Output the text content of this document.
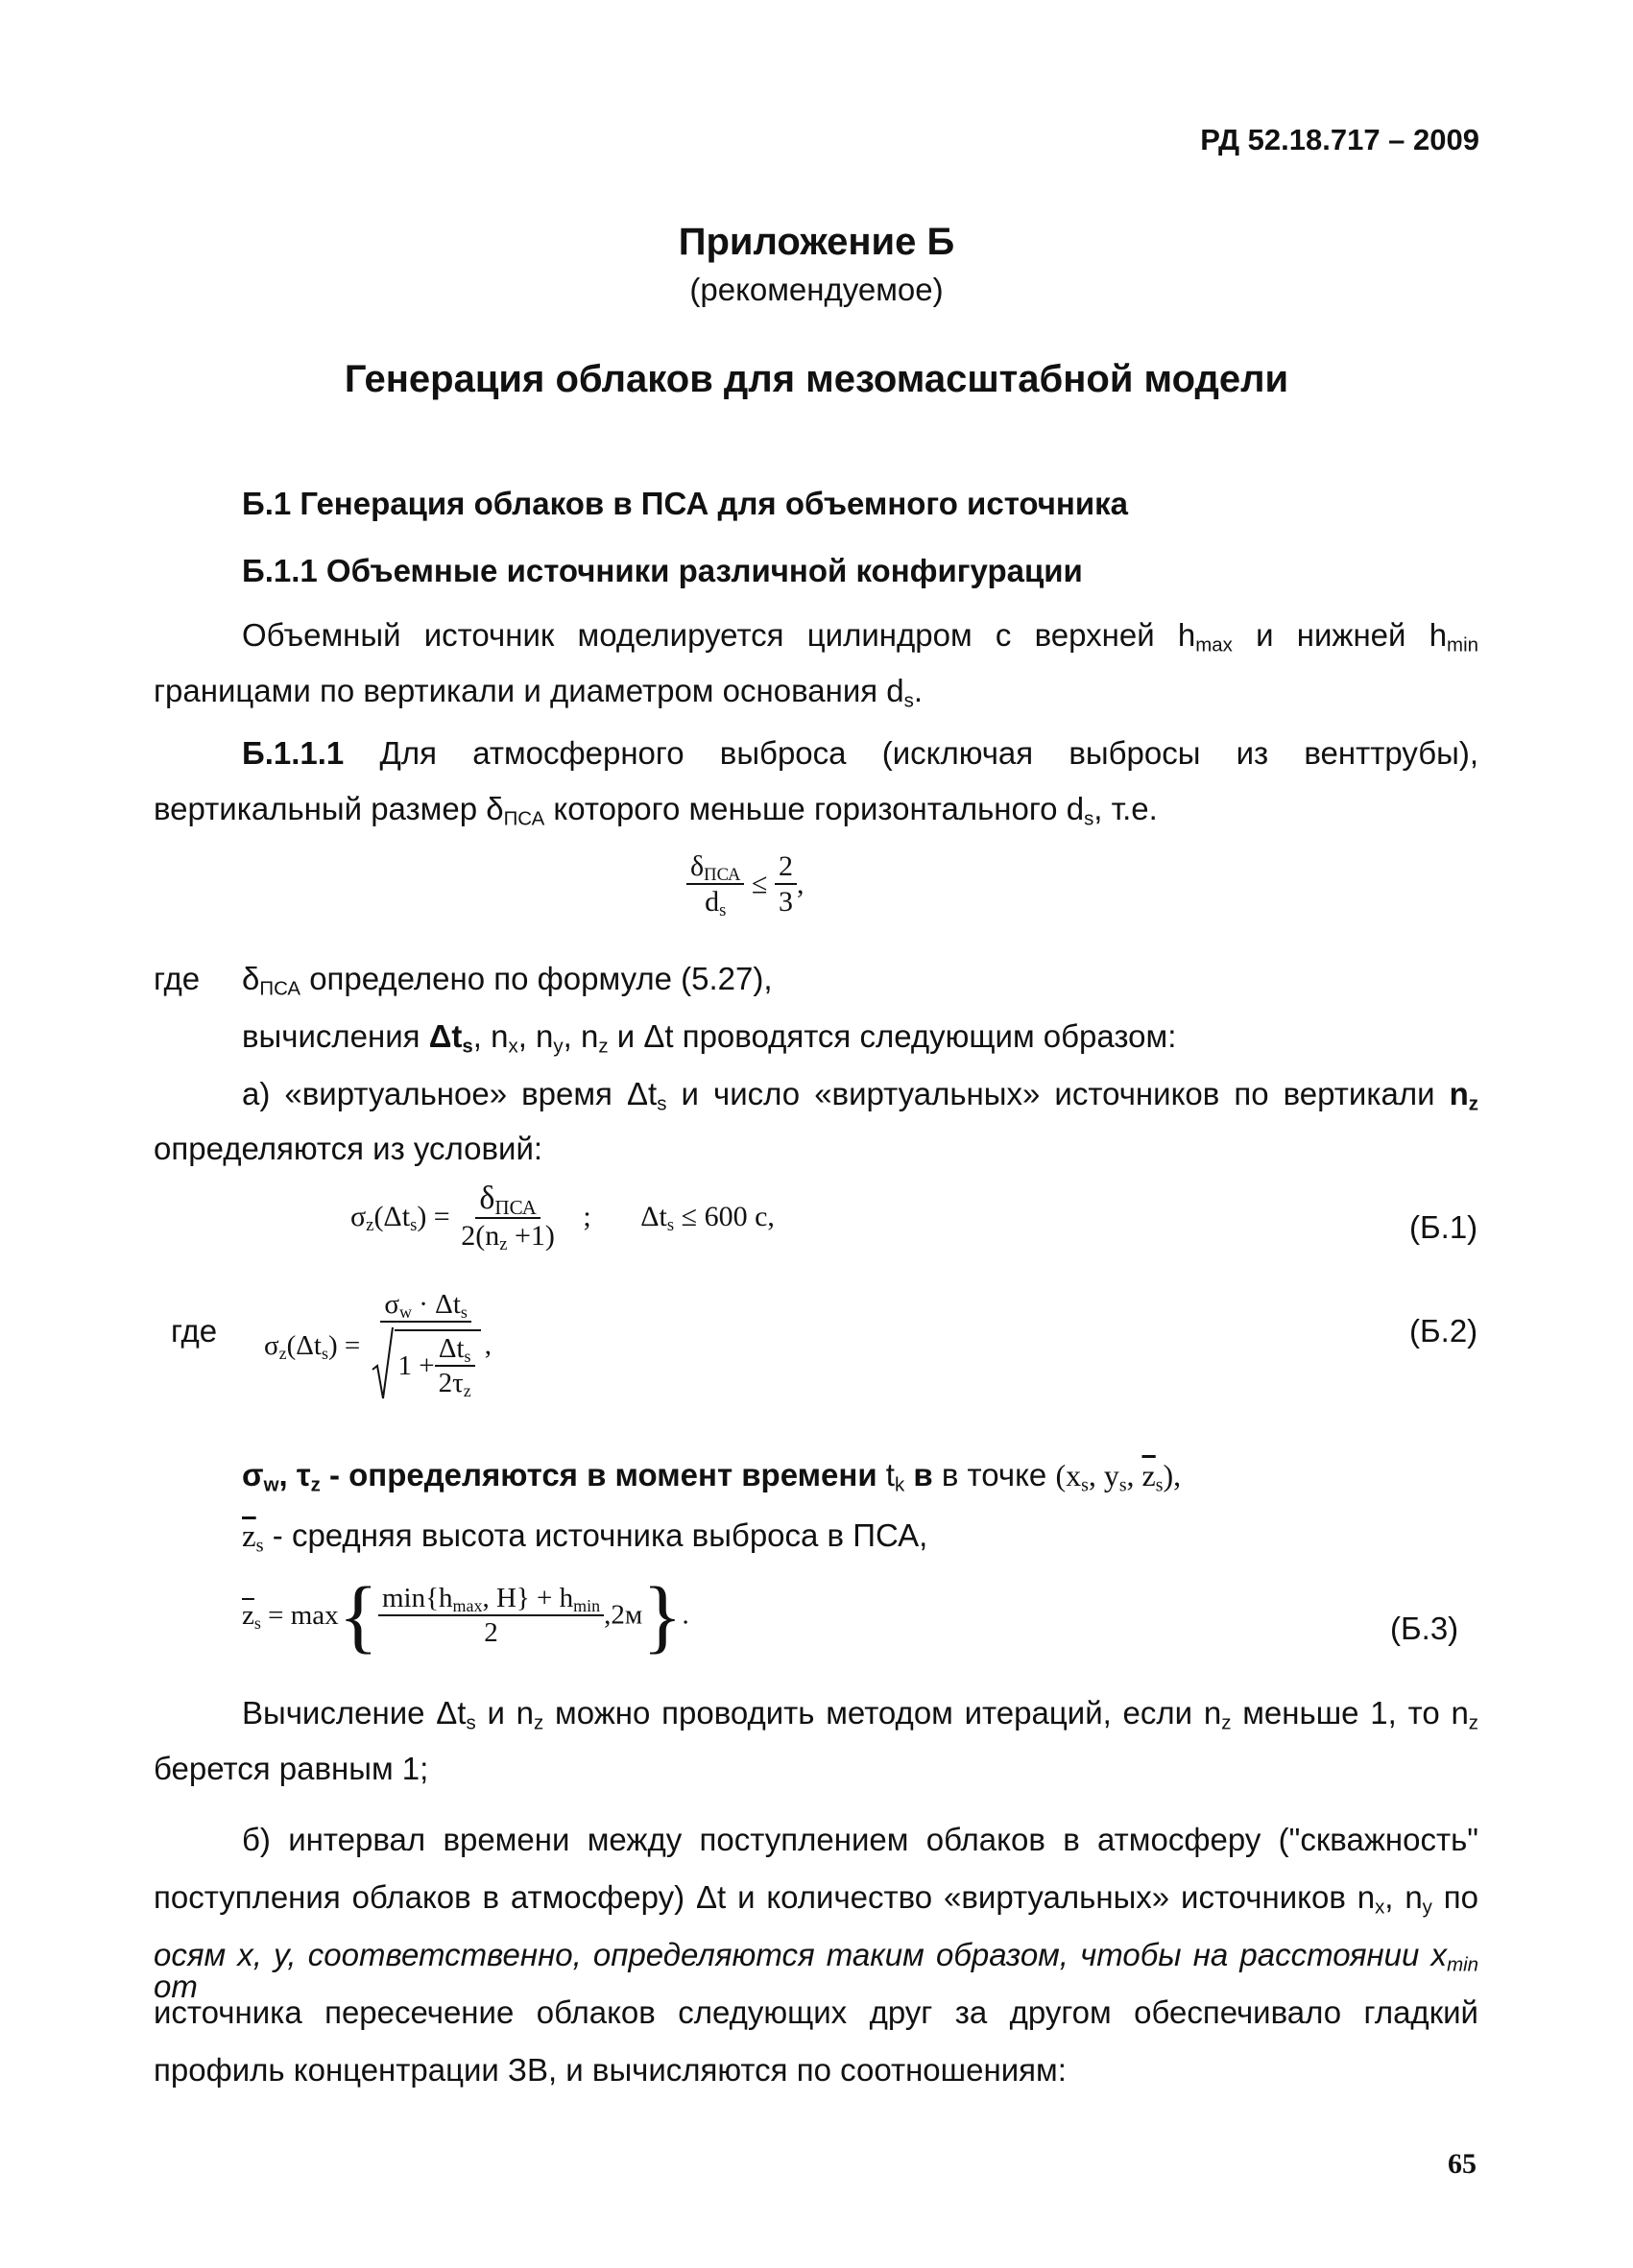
РД 52.18.717 – 2009
Приложение Б
(рекомендуемое)
Генерация облаков для мезомасштабной модели
Б.1 Генерация облаков в ПСА для объемного источника
Б.1.1 Объемные источники различной конфигурации
Объемный источник моделируется цилиндром с верхней $h_{max}$ и нижней $h_{min}$
границами по вертикали и диаметром основания $d_s$.
Б.1.1.1 Для атмосферного выброса (исключая выбросы из венттрубы),
вертикальный размер $\delta_{ПСА}$ которого меньше горизонтального $d_s$, т.е.
$\frac{\delta_{ПСА}}{d_s} \le \frac{2}{3}$ ,
где $\delta_{ПСА}$ определено по формуле (5.27),
вычисления $\Delta t_s$, $n_x$, $n_y$, $n_z$ и Δt проводятся следующим образом:
а) «виртуальное» время $\Delta t_s$ и число «виртуальных» источников по вертикали $n_z$
определяются из условий:
$\sigma_z(\Delta t_s) = \frac{\delta_{ПСА}}{2(n_z +1)}$ ; $\Delta t_s \le 600$ с,	(Б.1)
где $\sigma_z(\Delta t_s) = \frac{\sigma_w \cdot \Delta t_s}{1 + \frac{\Delta t_s}{2\tau_z}}$ ,	(Б.2)
$\sigma_w$, $\tau_z$ - определяются в момент времени $t_k$ в в точке ($x_s$, $y_s$, $\overline{z}_s$),
$\overline{z}_s$ - средняя высота источника выброса в ПСА,
$\overline{z}_s = \max\{ \frac{\min\{h_{max}, H\} + h_{min}}{2} ,2м\}$.	(Б.3)
Вычисление $\Delta t_s$ и $n_z$ можно проводить методом итераций, если $n_z$ меньше 1, то $n_z$
берется равным 1;
б) интервал времени между поступлением облаков в атмосферу ("скважность"
поступления облаков в атмосферу) Δt и количество «виртуальных» источников $n_x$, $n_y$ по
осям х, у, соответственно, определяются таким образом, чтобы на расстоянии $x_{min}$ от
источника пересечение облаков следующих друг за другом обеспечивало гладкий
профиль концентрации ЗВ, и вычисляются по соотношениям:
65
